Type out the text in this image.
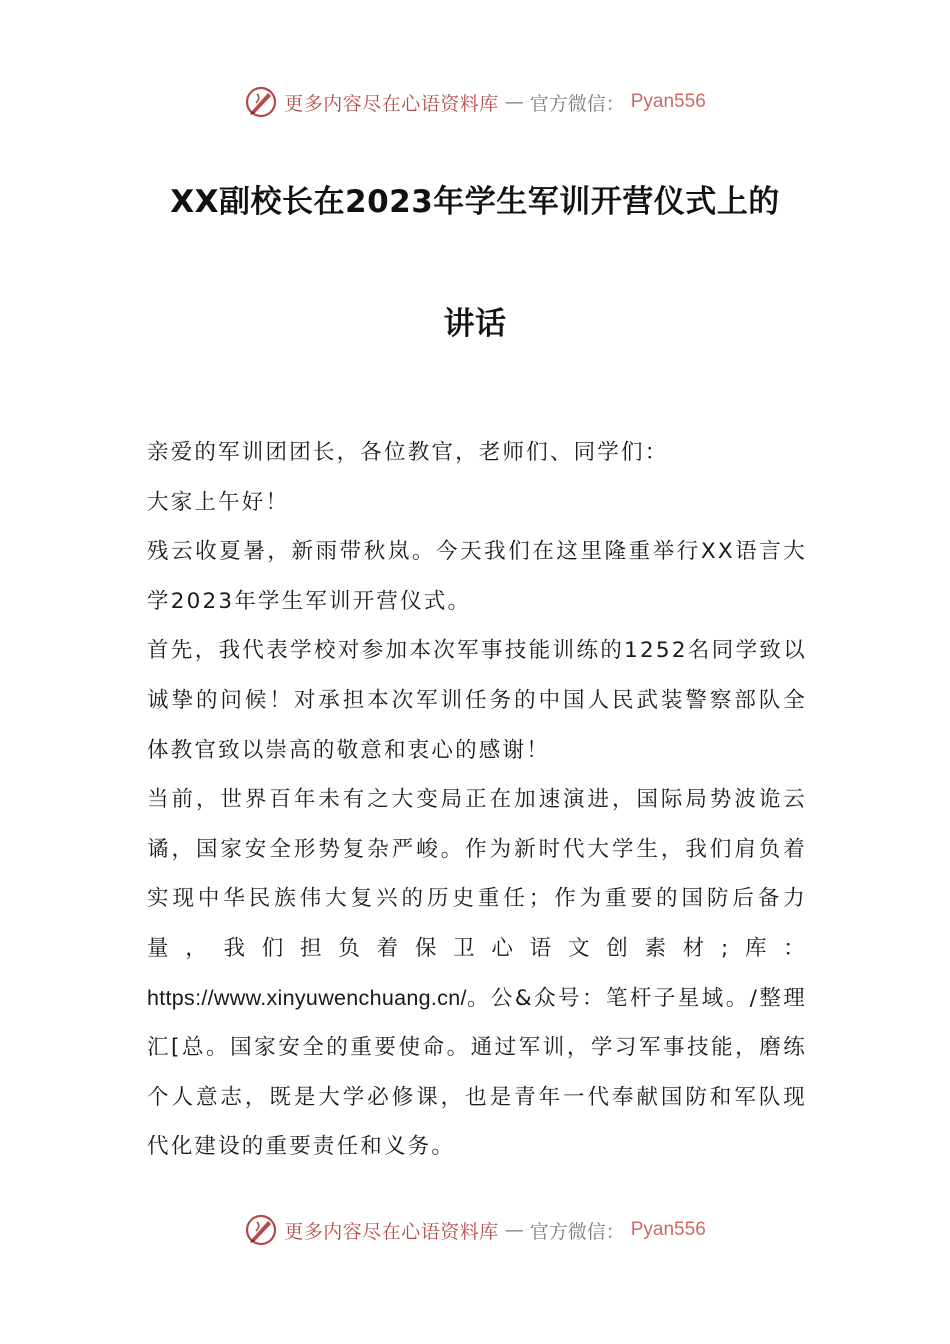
更多内容尽在心语资料库 — 官方微信： Pyan556
XX副校长在2023年学生军训开营仪式上的
讲话

亲爱的军训团团长，各位教官，老师们、同学们：

大家上午好！

残云收夏暑，新雨带秋岚。今天我们在这里隆重举行XX语言大学2023年学生军训开营仪式。

首先，我代表学校对参加本次军事技能训练的1252名同学致以诚挚的问候！对承担本次军训任务的中国人民武装警察部队全体教官致以崇高的敬意和衷心的感谢！

当前，世界百年未有之大变局正在加速演进，国际局势波诡云谲，国家安全形势复杂严峻。作为新时代大学生，我们肩负着实现中华民族伟大复兴的历史重任；作为重要的国防后备力量，我们担负着保卫心语文创素材;库：https://www.xinyuwenchuang.cn/。公&众号：笔杆子星域。/整理汇[总。国家安全的重要使命。通过军训，学习军事技能，磨练个人意志，既是大学必修课，也是青年一代奉献国防和军队现代化建设的重要责任和义务。

更多内容尽在心语资料库 — 官方微信： Pyan556
